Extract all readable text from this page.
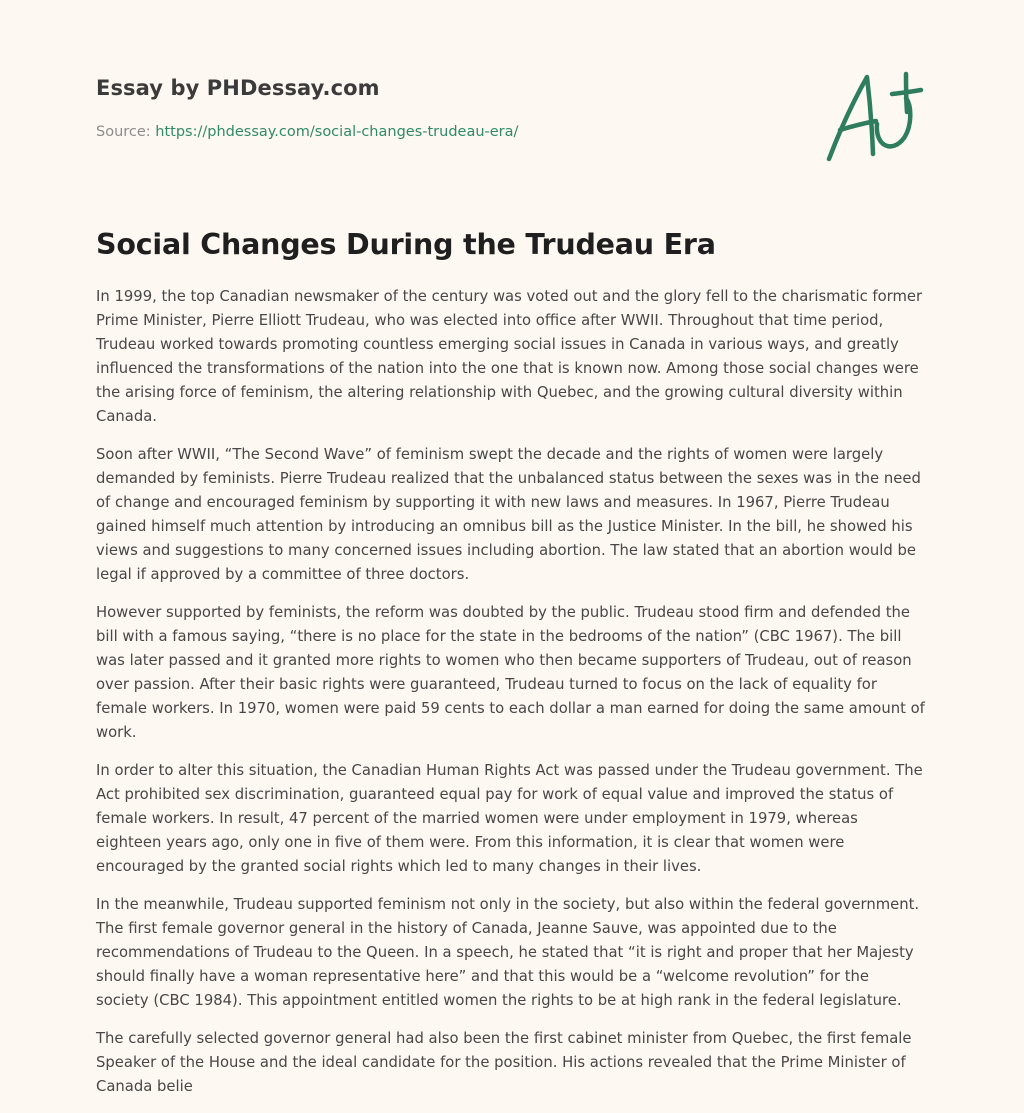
Essay by PHDessay.com
Source: https://phdessay.com/social-changes-trudeau-era/
Social Changes During the Trudeau Era

In 1999, the top Canadian newsmaker of the century was voted out and the glory fell to the charismatic former Prime Minister, Pierre Elliott Trudeau, who was elected into office after WWII. Throughout that time period, Trudeau worked towards promoting countless emerging social issues in Canada in various ways, and greatly influenced the transformations of the nation into the one that is known now. Among those social changes were the arising force of feminism, the altering relationship with Quebec, and the growing cultural diversity within Canada.

Soon after WWII, “The Second Wave” of feminism swept the decade and the rights of women were largely demanded by feminists. Pierre Trudeau realized that the unbalanced status between the sexes was in the need of change and encouraged feminism by supporting it with new laws and measures. In 1967, Pierre Trudeau gained himself much attention by introducing an omnibus bill as the Justice Minister. In the bill, he showed his views and suggestions to many concerned issues including abortion. The law stated that an abortion would be legal if approved by a committee of three doctors.

However supported by feminists, the reform was doubted by the public. Trudeau stood firm and defended the bill with a famous saying, “there is no place for the state in the bedrooms of the nation” (CBC 1967). The bill was later passed and it granted more rights to women who then became supporters of Trudeau, out of reason over passion. After their basic rights were guaranteed, Trudeau turned to focus on the lack of equality for female workers. In 1970, women were paid 59 cents to each dollar a man earned for doing the same amount of work.

In order to alter this situation, the Canadian Human Rights Act was passed under the Trudeau government. The Act prohibited sex discrimination, guaranteed equal pay for work of equal value and improved the status of female workers. In result, 47 percent of the married women were under employment in 1979, whereas eighteen years ago, only one in five of them were. From this information, it is clear that women were encouraged by the granted social rights which led to many changes in their lives.

In the meanwhile, Trudeau supported feminism not only in the society, but also within the federal government. The first female governor general in the history of Canada, Jeanne Sauve, was appointed due to the recommendations of Trudeau to the Queen. In a speech, he stated that “it is right and proper that her Majesty should finally have a woman representative here” and that this would be a “welcome revolution” for the society (CBC 1984). This appointment entitled women the rights to be at high rank in the federal legislature.

The carefully selected governor general had also been the first cabinet minister from Quebec, the first female Speaker of the House and the ideal candidate for the position. His actions revealed that the Prime Minister of Canada belie
